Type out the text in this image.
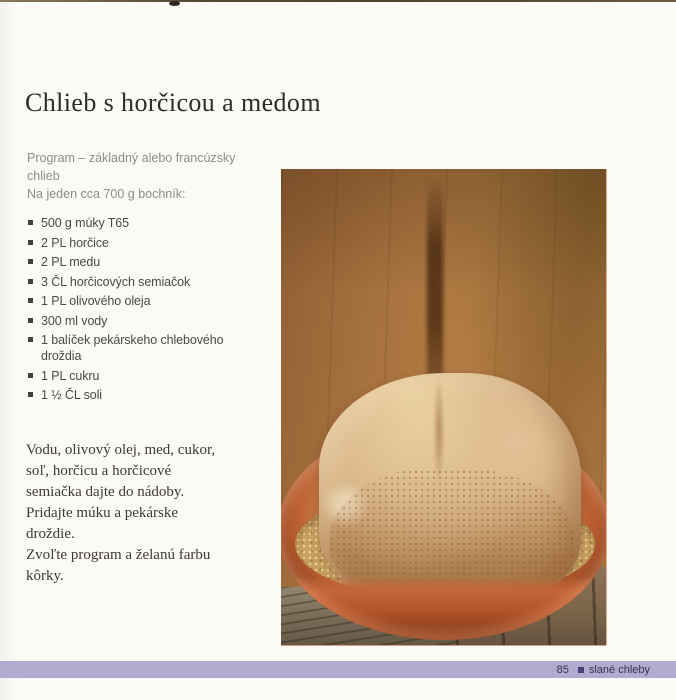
Chlieb s horčicou a medom
Program – základný alebo francúzsky
chlieb
Na jeden cca 700 g bochník:
500 g múky T65
2 PL horčice
2 PL medu
3 ČL horčicových semiačok
1 PL olivového oleja
300 ml vody
1 balíček pekárskeho chlebového droždia
1 PL cukru
1 ½ ČL soli
Vodu, olivový olej, med, cukor,
soľ, horčicu a horčicové
semiačka dajte do nádoby.
Pridajte múku a pekárske
droždie.
Zvoľte program a želanú farbu
kôrky.
85 slané chleby
